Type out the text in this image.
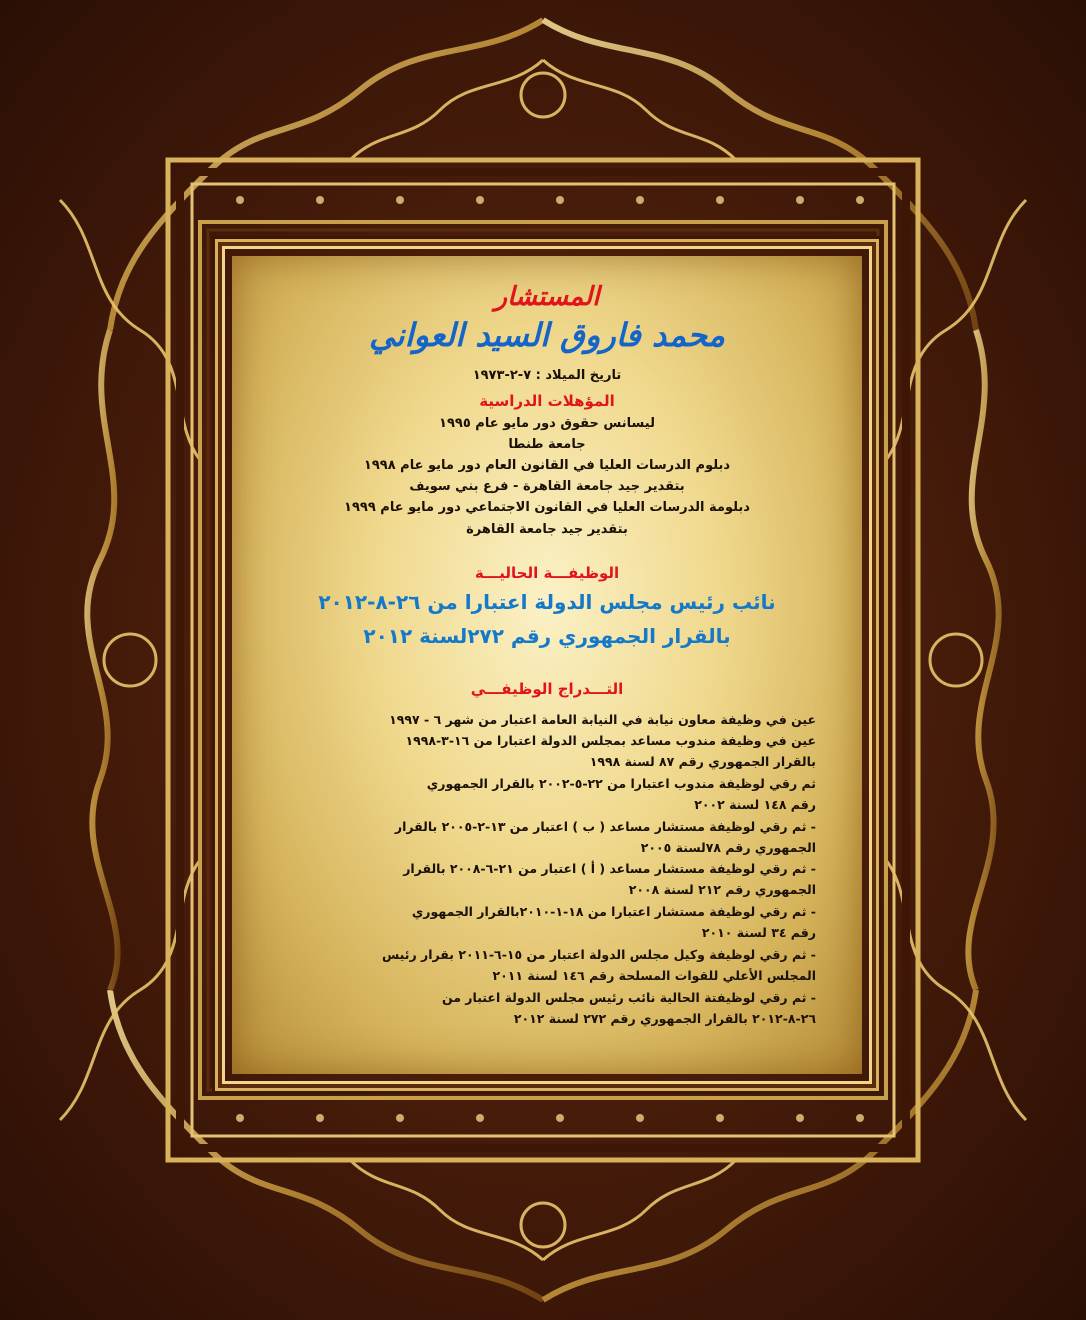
المستشار
محمد فاروق السيد العواني
تاريخ الميلاد : ٧-٢-١٩٧٣
المؤهلات الدراسية
ليسانس حقوق دور مايو عام ١٩٩٥
جامعة طنطا
دبلوم الدرسات العليا في القانون العام دور مايو عام ١٩٩٨
بتقدير جيد جامعة القاهرة - فرع بني سويف
دبلومة الدرسات العليا في القانون الاجتماعي دور مايو عام ١٩٩٩
بتقدير جيد جامعة القاهرة
الوظيفـــة الحاليـــة
نائب رئيس مجلس الدولة اعتبارا من ٢٦-٨-٢٠١٢
بالقرار الجمهوري رقم ٢٧٢لسنة ٢٠١٢
التـــدراج الوظيفـــي
عين في وظيفة معاون نيابة في النيابة العامة اعتبار من شهر ٦ - ١٩٩٧
عين في وظيفة مندوب مساعد بمجلس الدولة اعتبارا من ١٦-٣-١٩٩٨
بالقرار الجمهوري رقم ٨٧ لسنة ١٩٩٨
ثم رقي لوظيفة مندوب اعتبارا من ٢٢-٥-٢٠٠٢ بالقرار الجمهوري
رقم ١٤٨ لسنة ٢٠٠٢
- ثم رقي لوظيفة مستشار مساعد ( ب ) اعتبار من ١٣-٢-٢٠٠٥ بالقرار
الجمهوري رقم ٧٨لسنة ٢٠٠٥
- ثم رقي لوظيفة مستشار مساعد ( أ ) اعتبار من ٢١-٦-٢٠٠٨ بالقرار
الجمهوري رقم ٢١٢ لسنة ٢٠٠٨
- ثم رقي لوظيفة مستشار اعتبارا من ١٨-١-٢٠١٠بالقرار الجمهوري
رقم ٣٤ لسنة ٢٠١٠
- ثم رقي لوظيفة وكيل مجلس الدولة اعتبار من ١٥-٦-٢٠١١ بقرار رئيس
المجلس الأعلي للقوات المسلحة رقم ١٤٦ لسنة ٢٠١١
- ثم رقي لوظيفتة الحالية نائب رئيس مجلس الدولة اعتبار من
٢٦-٨-٢٠١٢ بالقرار الجمهوري رقم ٢٧٢ لسنة ٢٠١٢
